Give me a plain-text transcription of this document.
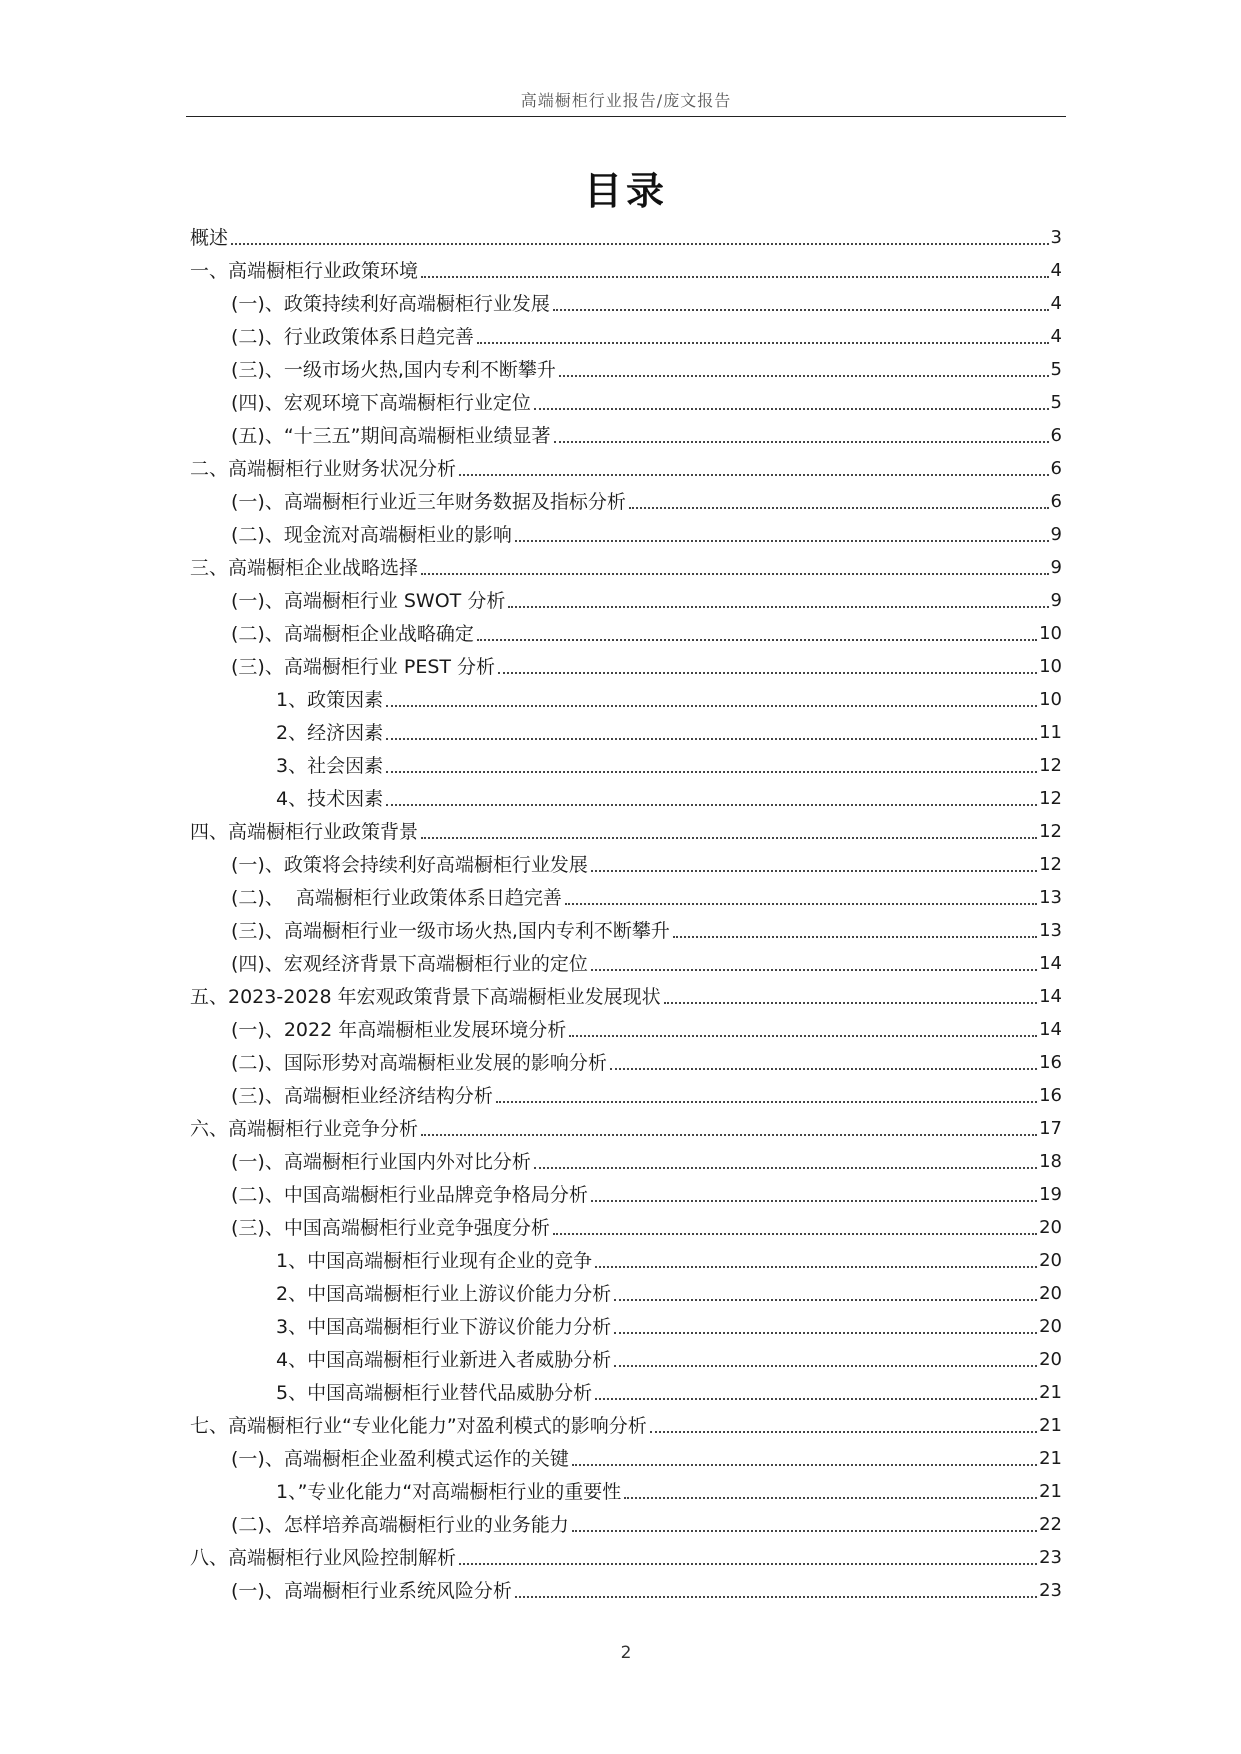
高端橱柜行业报告/庞文报告
目录
概述	3
一、高端橱柜行业政策环境	4
(一)、政策持续利好高端橱柜行业发展	4
(二)、行业政策体系日趋完善	4
(三)、一级市场火热,国内专利不断攀升	5
(四)、宏观环境下高端橱柜行业定位	5
(五)、“十三五”期间高端橱柜业绩显著	6
二、高端橱柜行业财务状况分析	6
(一)、高端橱柜行业近三年财务数据及指标分析	6
(二)、现金流对高端橱柜业的影响	9
三、高端橱柜企业战略选择	9
(一)、高端橱柜行业 SWOT 分析	9
(二)、高端橱柜企业战略确定	10
(三)、高端橱柜行业 PEST 分析	10
1、政策因素	10
2、经济因素	11
3、社会因素	12
4、技术因素	12
四、高端橱柜行业政策背景	12
(一)、政策将会持续利好高端橱柜行业发展	12
(二)、  高端橱柜行业政策体系日趋完善	13
(三)、高端橱柜行业一级市场火热,国内专利不断攀升	13
(四)、宏观经济背景下高端橱柜行业的定位	14
五、2023-2028 年宏观政策背景下高端橱柜业发展现状	14
(一)、2022 年高端橱柜业发展环境分析	14
(二)、国际形势对高端橱柜业发展的影响分析	16
(三)、高端橱柜业经济结构分析	16
六、高端橱柜行业竞争分析	17
(一)、高端橱柜行业国内外对比分析	18
(二)、中国高端橱柜行业品牌竞争格局分析	19
(三)、中国高端橱柜行业竞争强度分析	20
1、中国高端橱柜行业现有企业的竞争	20
2、中国高端橱柜行业上游议价能力分析	20
3、中国高端橱柜行业下游议价能力分析	20
4、中国高端橱柜行业新进入者威胁分析	20
5、中国高端橱柜行业替代品威胁分析	21
七、高端橱柜行业“专业化能力”对盈利模式的影响分析	21
(一)、高端橱柜企业盈利模式运作的关键	21
1、”专业化能力“对高端橱柜行业的重要性	21
(二)、怎样培养高端橱柜行业的业务能力	22
八、高端橱柜行业风险控制解析	23
(一)、高端橱柜行业系统风险分析	23
2
